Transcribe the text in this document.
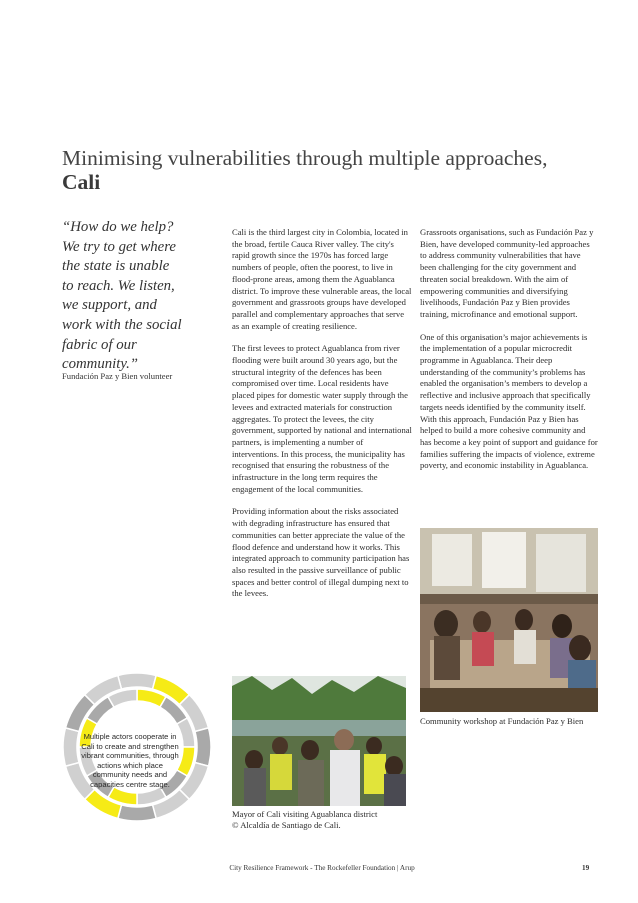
Minimising vulnerabilities through multiple approaches,
Cali
“How do we help? We try to get where the state is unable to reach. We listen, we support, and work with the social fabric of our community.”
Fundación Paz y Bien volunteer

Cali is the third largest city in Colombia, located in the broad, fertile Cauca River valley. The city's rapid growth since the 1970s has forced large numbers of people, often the poorest, to live in flood-prone areas, among them the Aguablanca district. To improve these vulnerable areas, the local government and grassroots groups have developed parallel and complementary approaches that serve as an example of creating resilience.

The first levees to protect Aguablanca from river flooding were built around 30 years ago, but the structural integrity of the defences has been compromised over time. Local residents have placed pipes for domestic water supply through the levees and extracted materials for construction aggregates. To protect the levees, the city government, supported by national and international partners, is implementing a number of interventions. In this process, the municipality has recognised that ensuring the robustness of the infrastructure in the long term requires the engagement of the local communities.

Providing information about the risks associated with degrading infrastructure has ensured that communities can better appreciate the value of the flood defence and understand how it works. This integrated approach to community participation has also resulted in the passive surveillance of public spaces and better control of illegal dumping next to the levees.

Grassroots organisations, such as Fundación Paz y Bien, have developed community-led approaches to address community vulnerabilities that have been challenging for the city government and threaten social breakdown. With the aim of empowering communities and diversifying livelihoods, Fundación Paz y Bien provides training, microfinance and emotional support.

One of this organisation’s major achievements is the implementation of a popular microcredit programme in Aguablanca. Their deep understanding of the community’s problems has enabled the organisation’s members to develop a reflective and inclusive approach that specifically targets needs identified by the community itself. With this approach, Fundación Paz y Bien has helped to build a more cohesive community and has become a key point of support and guidance for families suffering the impacts of violence, extreme poverty, and economic instability in Aguablanca.

Community workshop at Fundación Paz y Bien
Mayor of Cali visiting Aguablanca district
© Alcaldía de Santiago de Cali.
Multiple actors cooperate in Cali to create and strengthen vibrant communities, through actions which place community needs and capacities centre stage.
City Resilience Framework - The Rockefeller Foundation | Arup	19
